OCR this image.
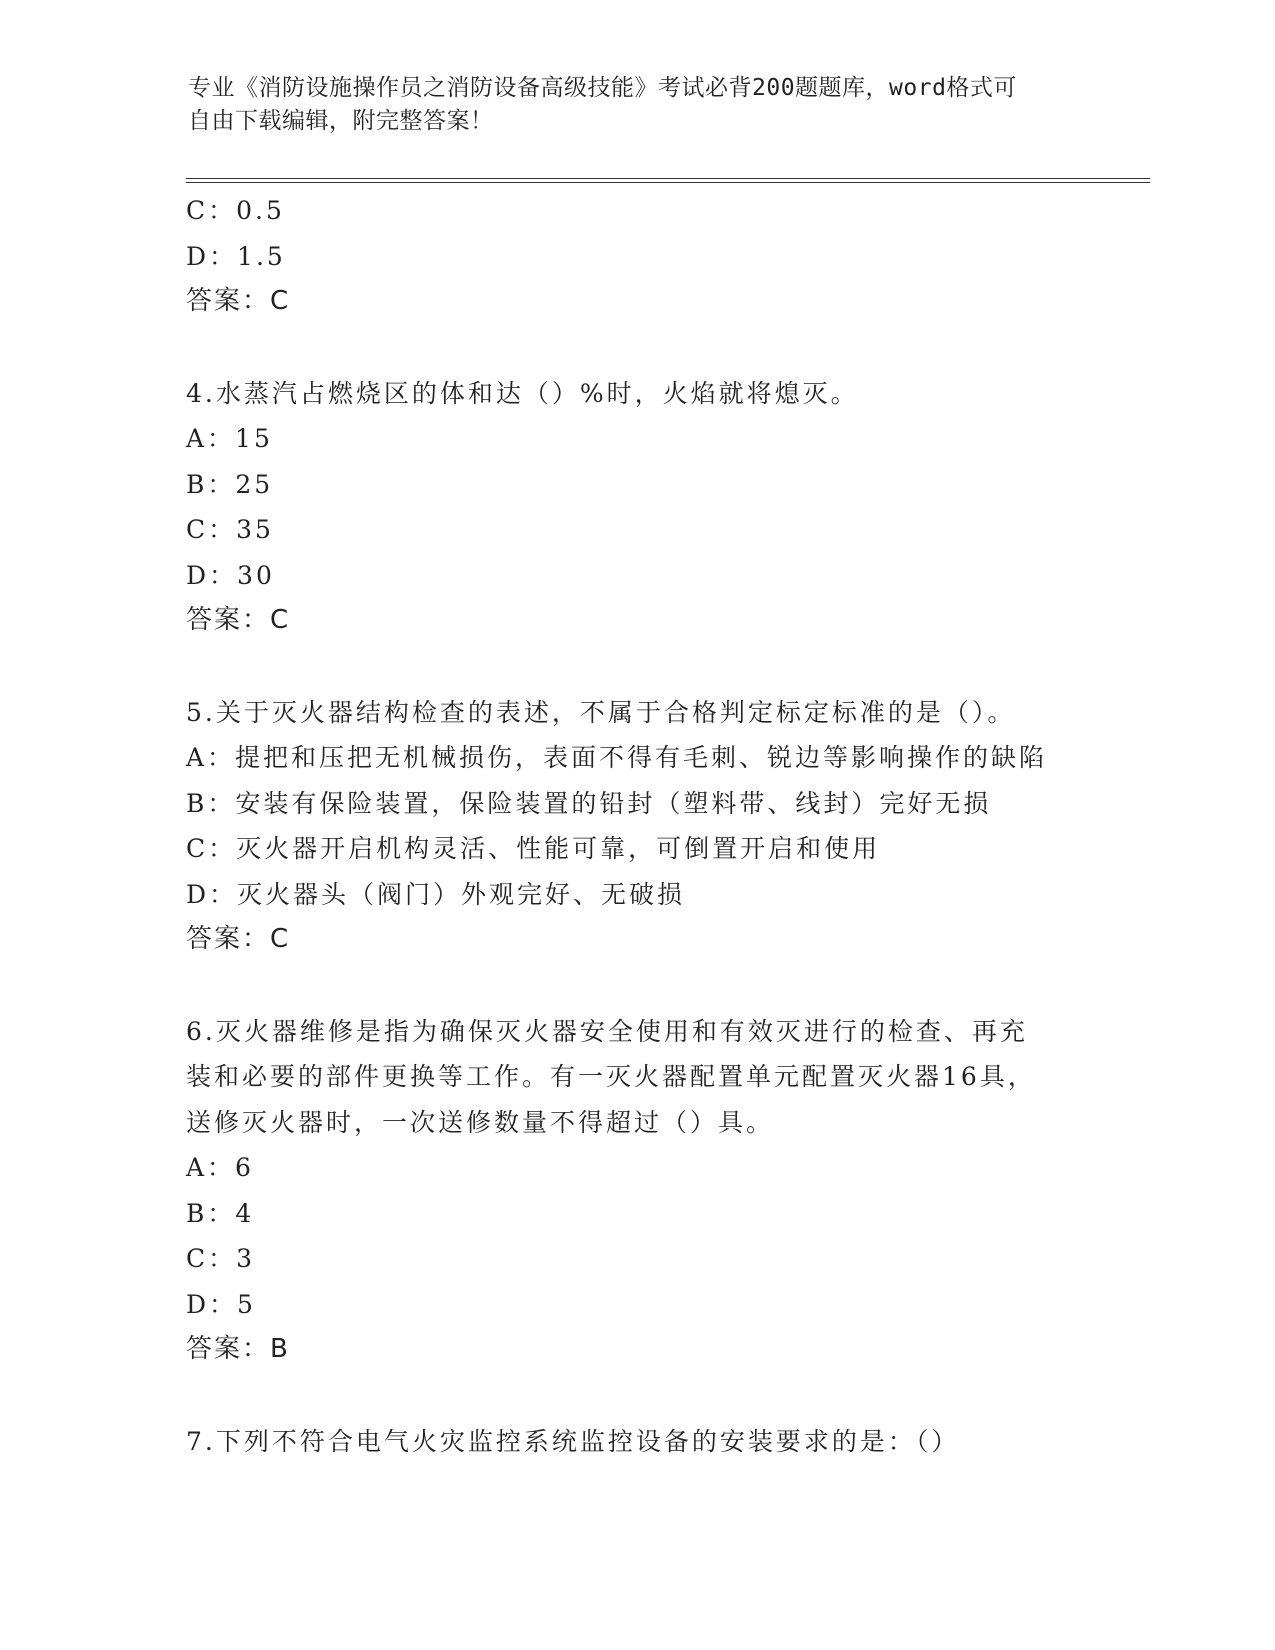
专业《消防设施操作员之消防设备高级技能》考试必背200题题库，word格式可
自由下载编辑，附完整答案！
C：0.5
D：1.5
答案：C
4.水蒸汽占燃烧区的体和达（）%时，火焰就将熄灭。
A：15
B：25
C：35
D：30
答案：C
5.关于灭火器结构检查的表述，不属于合格判定标定标准的是（）。
A：提把和压把无机械损伤，表面不得有毛刺、锐边等影响操作的缺陷
B：安装有保险装置，保险装置的铅封（塑料带、线封）完好无损
C：灭火器开启机构灵活、性能可靠，可倒置开启和使用
D：灭火器头（阀门）外观完好、无破损
答案：C
6.灭火器维修是指为确保灭火器安全使用和有效灭进行的检查、再充
装和必要的部件更换等工作。有一灭火器配置单元配置灭火器16具，
送修灭火器时，一次送修数量不得超过（）具。
A：6
B：4
C：3
D：5
答案：B
7.下列不符合电气火灾监控系统监控设备的安装要求的是：（）
